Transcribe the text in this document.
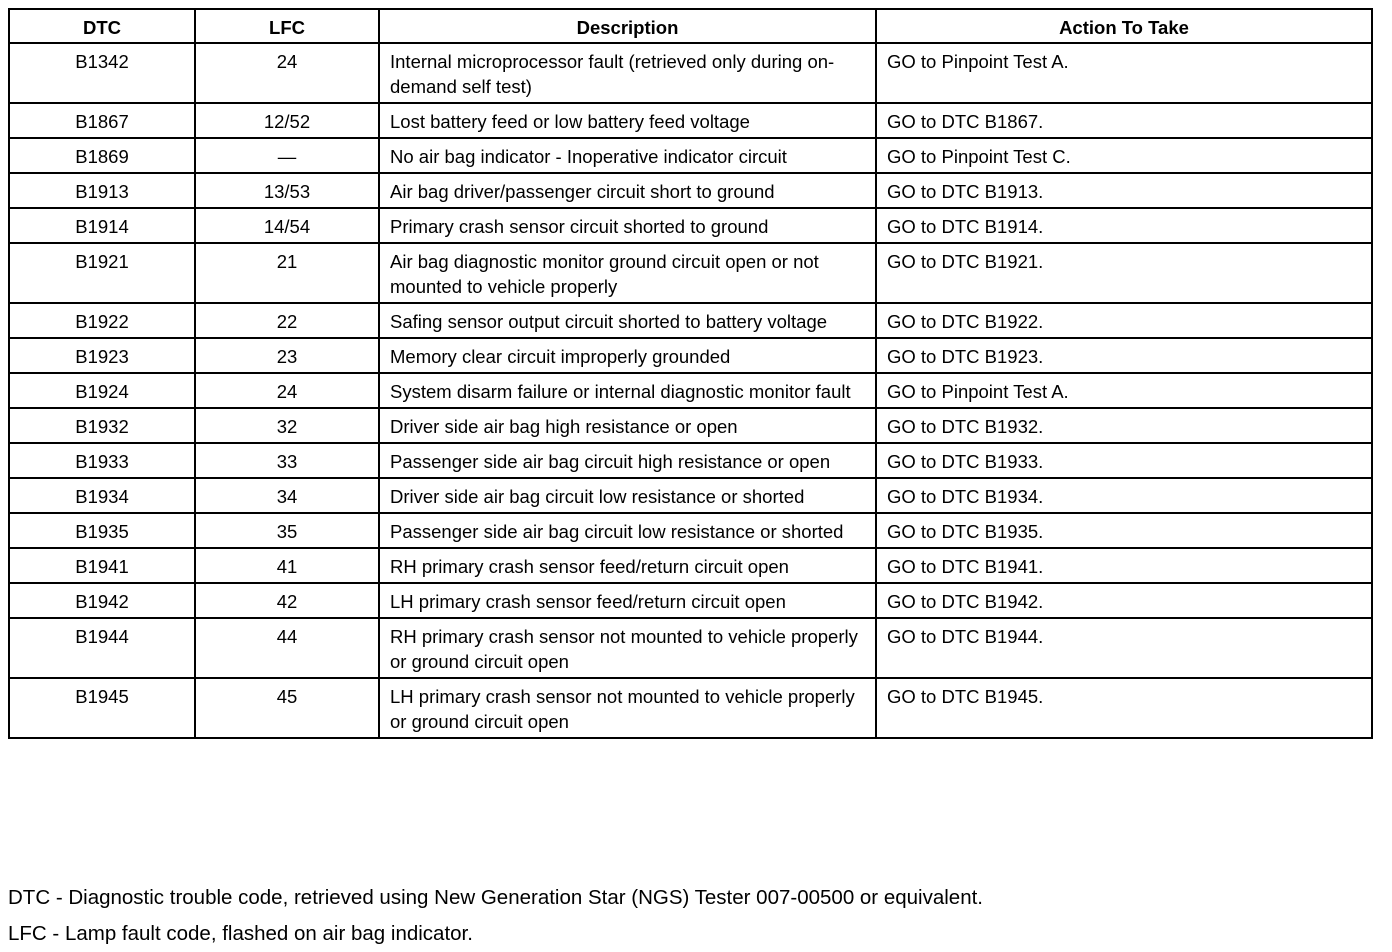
DTC	LFC	Description	Action To Take
B1342	24	Internal microprocessor fault (retrieved only during on-demand self test)	GO to Pinpoint Test A.
B1867	12/52	Lost battery feed or low battery feed voltage	GO to DTC B1867.
B1869	—	No air bag indicator - Inoperative indicator circuit	GO to Pinpoint Test C.
B1913	13/53	Air bag driver/passenger circuit short to ground	GO to DTC B1913.
B1914	14/54	Primary crash sensor circuit shorted to ground	GO to DTC B1914.
B1921	21	Air bag diagnostic monitor ground circuit open or not mounted to vehicle properly	GO to DTC B1921.
B1922	22	Safing sensor output circuit shorted to battery voltage	GO to DTC B1922.
B1923	23	Memory clear circuit improperly grounded	GO to DTC B1923.
B1924	24	System disarm failure or internal diagnostic monitor fault	GO to Pinpoint Test A.
B1932	32	Driver side air bag high resistance or open	GO to DTC B1932.
B1933	33	Passenger side air bag circuit high resistance or open	GO to DTC B1933.
B1934	34	Driver side air bag circuit low resistance or shorted	GO to DTC B1934.
B1935	35	Passenger side air bag circuit low resistance or shorted	GO to DTC B1935.
B1941	41	RH primary crash sensor feed/return circuit open	GO to DTC B1941.
B1942	42	LH primary crash sensor feed/return circuit open	GO to DTC B1942.
B1944	44	RH primary crash sensor not mounted to vehicle properly or ground circuit open	GO to DTC B1944.
B1945	45	LH primary crash sensor not mounted to vehicle properly or ground circuit open	GO to DTC B1945.
DTC - Diagnostic trouble code, retrieved using New Generation Star (NGS) Tester 007-00500 or equivalent.
LFC - Lamp fault code, flashed on air bag indicator.
